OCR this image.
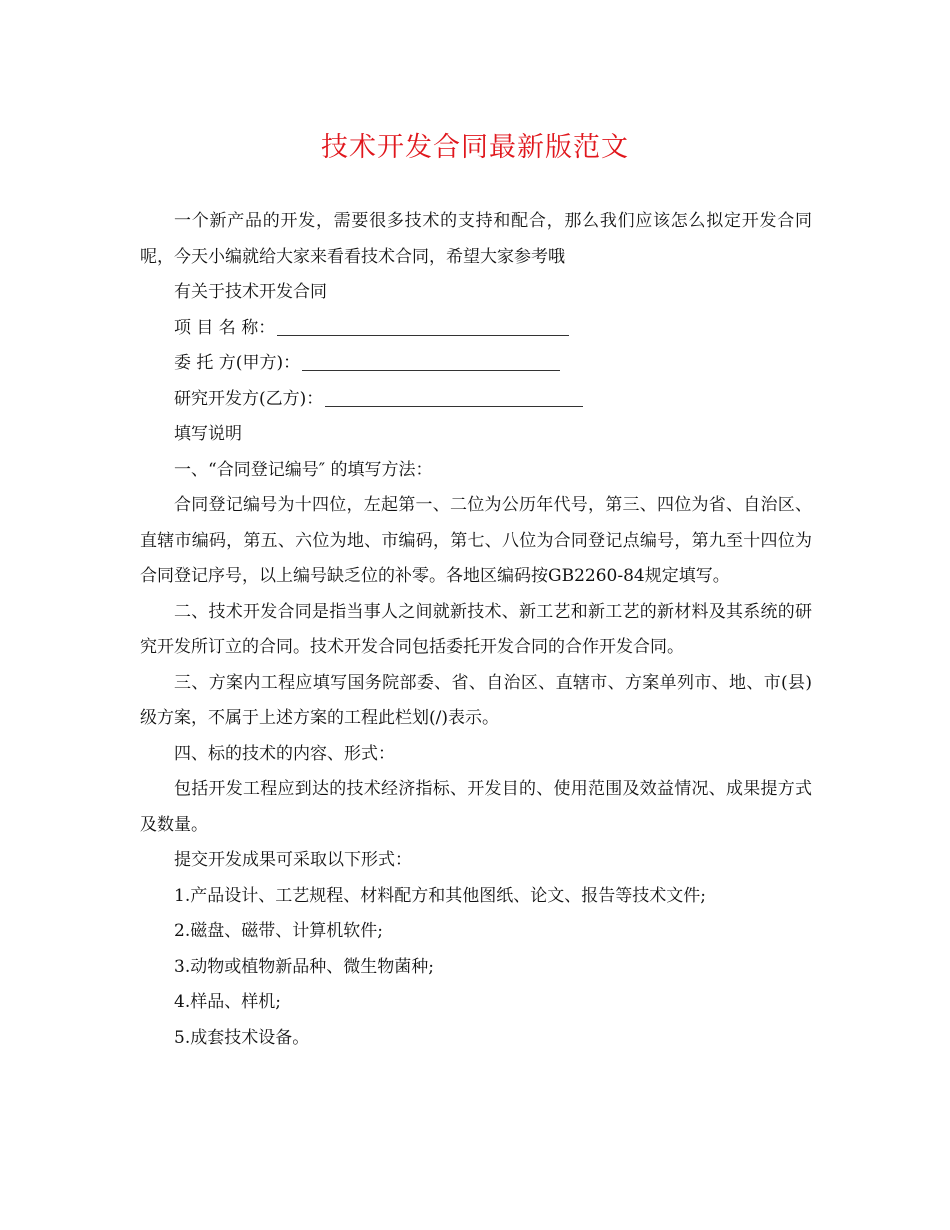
技术开发合同最新版范文

一个新产品的开发，需要很多技术的支持和配合，那么我们应该怎么拟定开发合同呢，今天小编就给大家来看看技术合同，希望大家参考哦

有关于技术开发合同

项 目 名 称：

委 托 方(甲方)：

研究开发方(乙方)：

填写说明

一、“合同登记编号″ 的填写方法：

合同登记编号为十四位，左起第一、二位为公历年代号，第三、四位为省、自治区、直辖市编码，第五、六位为地、市编码，第七、八位为合同登记点编号，第九至十四位为合同登记序号，以上编号缺乏位的补零。各地区编码按GB2260-84规定填写。

二、技术开发合同是指当事人之间就新技术、新工艺和新工艺的新材料及其系统的研究开发所订立的合同。技术开发合同包括委托开发合同的合作开发合同。

三、方案内工程应填写国务院部委、省、自治区、直辖市、方案单列市、地、市(县)级方案，不属于上述方案的工程此栏划(/)表示。

四、标的技术的内容、形式：

包括开发工程应到达的技术经济指标、开发目的、使用范围及效益情况、成果提方式及数量。

提交开发成果可采取以下形式：

1.产品设计、工艺规程、材料配方和其他图纸、论文、报告等技术文件;

2.磁盘、磁带、计算机软件;

3.动物或植物新品种、微生物菌种;

4.样品、样机;

5.成套技术设备。
